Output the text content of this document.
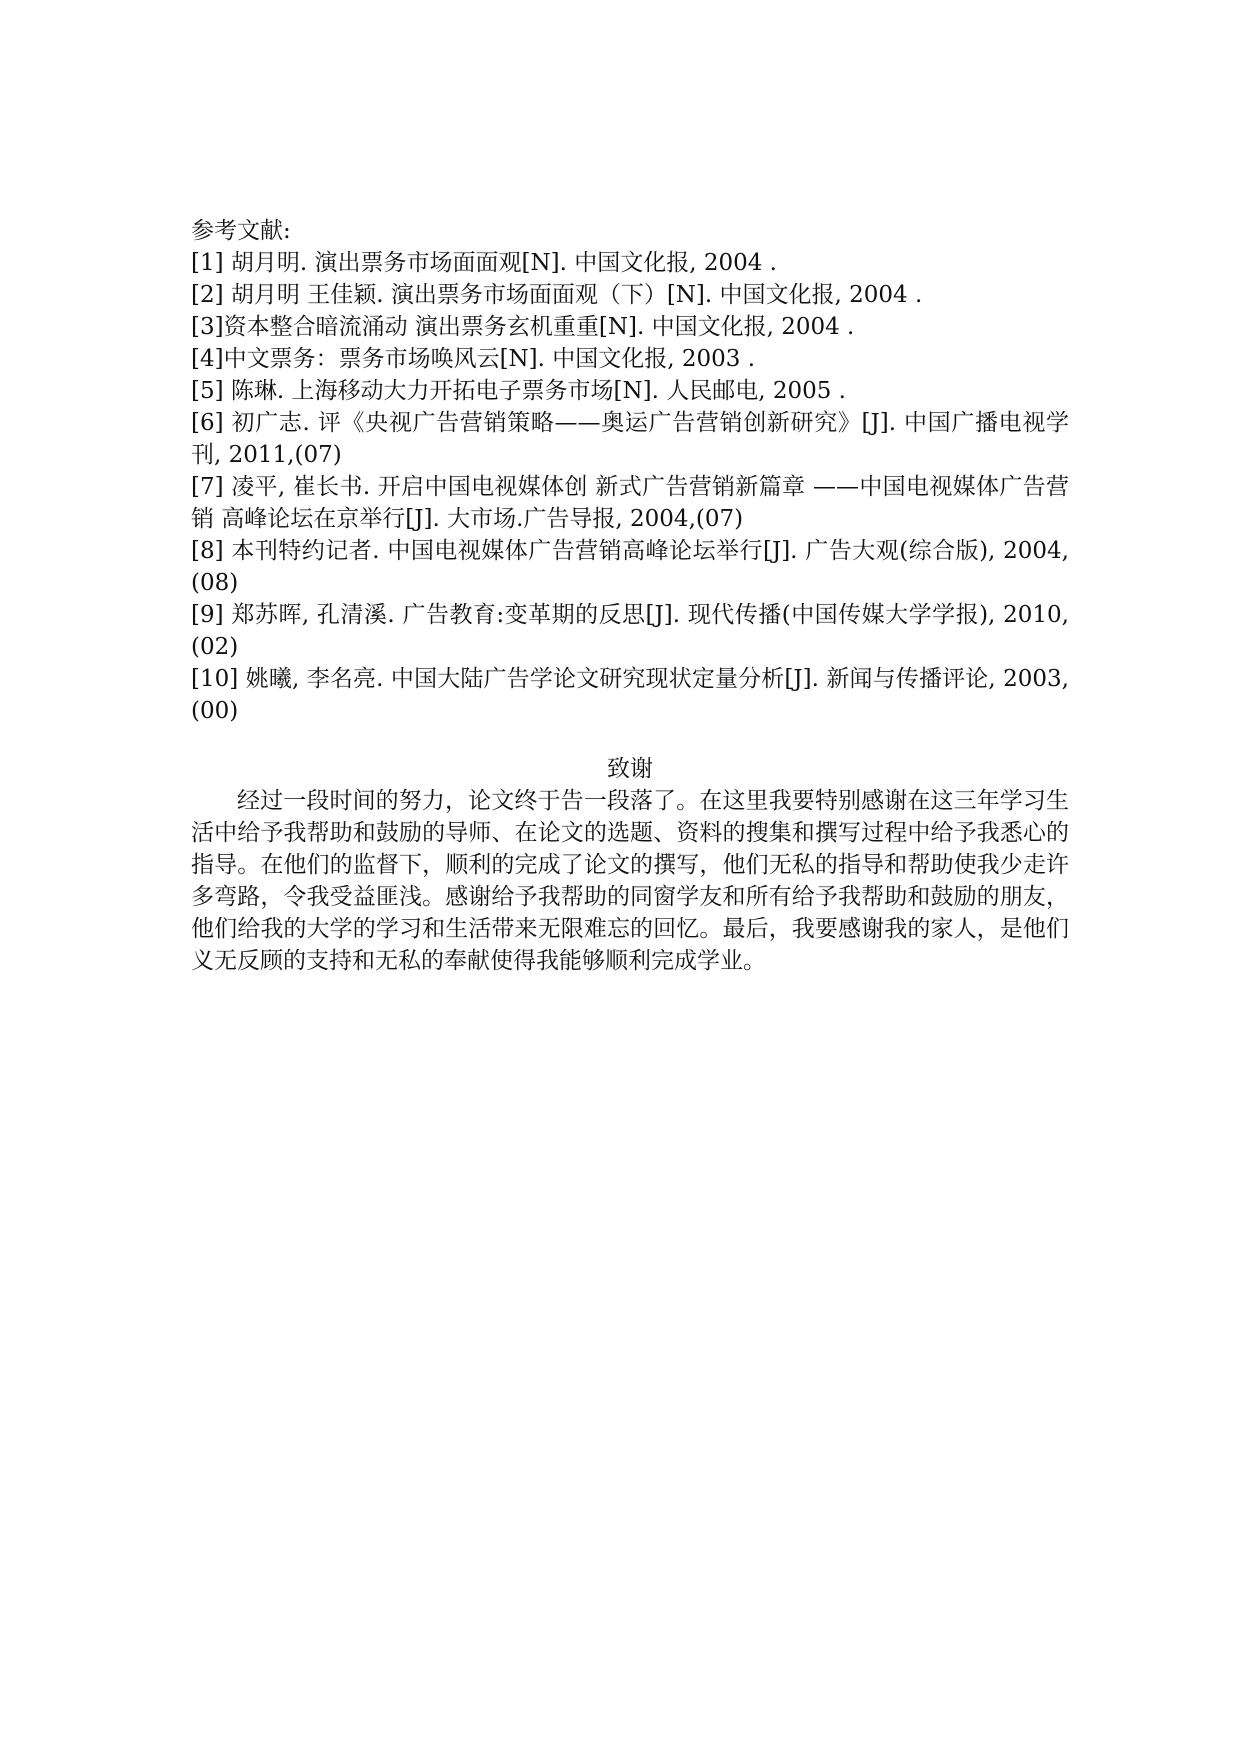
参考文献:
[1] 胡月明. 演出票务市场面面观[N]. 中国文化报, 2004 .
[2] 胡月明 王佳颖. 演出票务市场面面观（下）[N]. 中国文化报, 2004 .
[3]资本整合暗流涌动 演出票务玄机重重[N]. 中国文化报, 2004 .
[4]中文票务：票务市场唤风云[N]. 中国文化报, 2003 .
[5] 陈琳. 上海移动大力开拓电子票务市场[N]. 人民邮电, 2005 .
[6] 初广志. 评《央视广告营销策略——奥运广告营销创新研究》[J]. 中国广播电视学刊, 2011,(07)
[7] 凌平, 崔长书. 开启中国电视媒体创 新式广告营销新篇章 ——中国电视媒体广告营销 高峰论坛在京举行[J]. 大市场.广告导报, 2004,(07)
[8] 本刊特约记者. 中国电视媒体广告营销高峰论坛举行[J]. 广告大观(综合版), 2004,(08)
[9] 郑苏晖, 孔清溪. 广告教育:变革期的反思[J]. 现代传播(中国传媒大学学报), 2010,(02)
[10] 姚曦, 李名亮. 中国大陆广告学论文研究现状定量分析[J]. 新闻与传播评论, 2003,(00)
致谢

经过一段时间的努力，论文终于告一段落了。在这里我要特别感谢在这三年学习生活中给予我帮助和鼓励的导师、在论文的选题、资料的搜集和撰写过程中给予我悉心的指导。在他们的监督下，顺利的完成了论文的撰写，他们无私的指导和帮助使我少走许多弯路，令我受益匪浅。感谢给予我帮助的同窗学友和所有给予我帮助和鼓励的朋友，他们给我的大学的学习和生活带来无限难忘的回忆。最后，我要感谢我的家人，是他们义无反顾的支持和无私的奉献使得我能够顺利完成学业。
